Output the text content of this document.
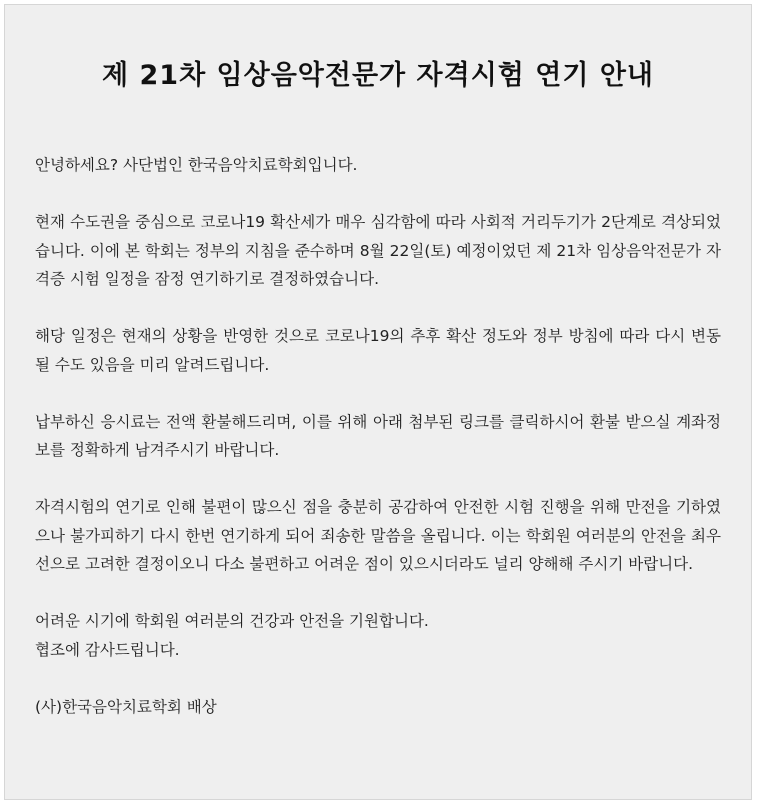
제 21차 임상음악전문가 자격시험 연기 안내

안녕하세요? 사단법인 한국음악치료학회입니다.

현재 수도권을 중심으로 코로나19 확산세가 매우 심각함에 따라 사회적 거리두기가 2단계로 격상되었습니다. 이에 본 학회는 정부의 지침을 준수하며 8월 22일(토) 예정이었던 제 21차 임상음악전문가 자격증 시험 일정을 잠정 연기하기로 결정하였습니다.

해당 일정은 현재의 상황을 반영한 것으로 코로나19의 추후 확산 정도와 정부 방침에 따라 다시 변동될 수도 있음을 미리 알려드립니다.

납부하신 응시료는 전액 환불해드리며, 이를 위해 아래 첨부된 링크를 클릭하시어 환불 받으실 계좌정보를 정확하게 남겨주시기 바랍니다.

자격시험의 연기로 인해 불편이 많으신 점을 충분히 공감하여 안전한 시험 진행을 위해 만전을 기하였으나 불가피하기 다시 한번 연기하게 되어 죄송한 말씀을 올립니다. 이는 학회원 여러분의 안전을 최우선으로 고려한 결정이오니 다소 불편하고 어려운 점이 있으시더라도 널리 양해해 주시기 바랍니다.

어려운 시기에 학회원 여러분의 건강과 안전을 기원합니다.

협조에 감사드립니다.

(사)한국음악치료학회 배상
